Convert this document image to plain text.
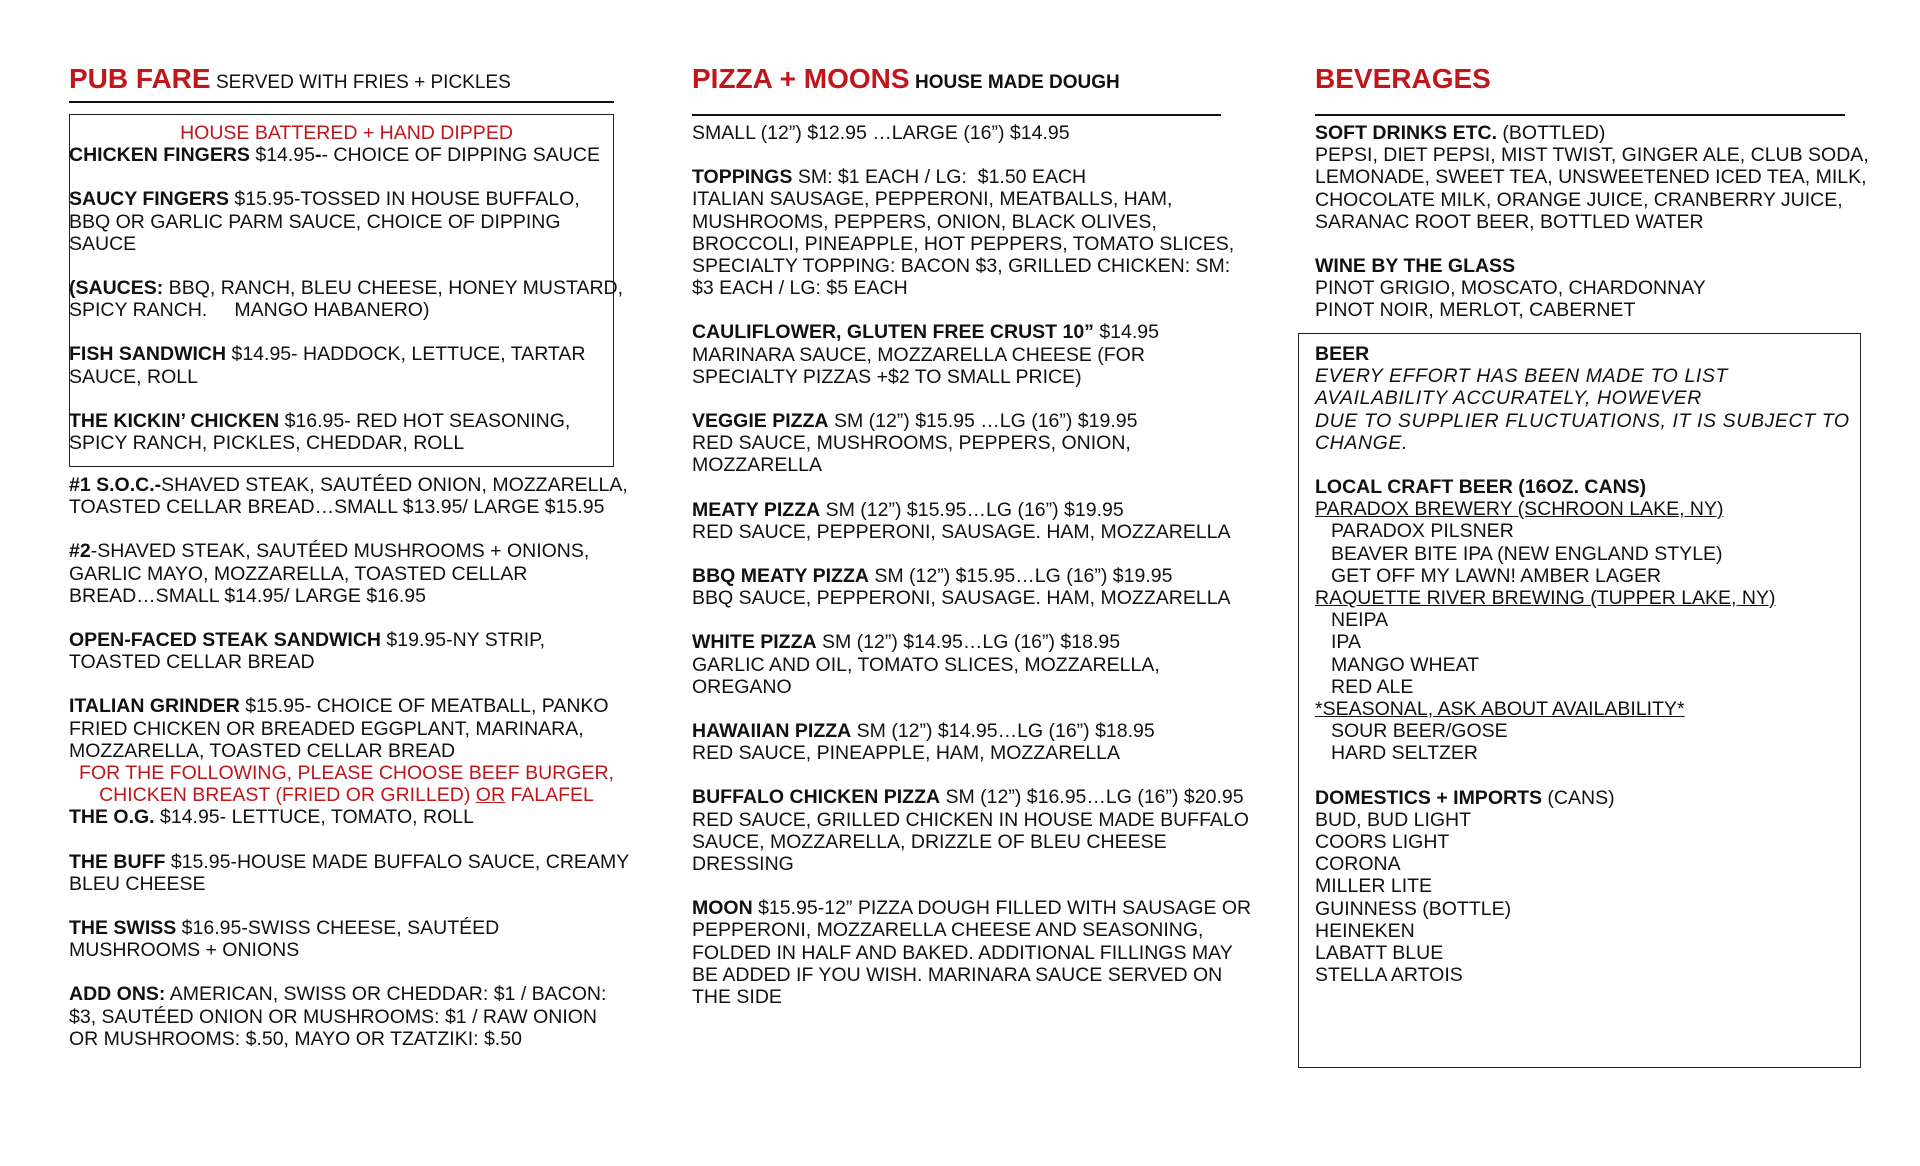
PUB FARE SERVED WITH FRIES + PICKLES

HOUSE BATTERED + HAND DIPPED

CHICKEN FINGERS $14.95-- CHOICE OF DIPPING SAUCE

SAUCY FINGERS $15.95-TOSSED IN HOUSE BUFFALO,

BBQ OR GARLIC PARM SAUCE, CHOICE OF DIPPING

SAUCE

(SAUCES: BBQ, RANCH, BLEU CHEESE, HONEY MUSTARD,

SPICY RANCH.     MANGO HABANERO)

FISH SANDWICH $14.95- HADDOCK, LETTUCE, TARTAR

SAUCE, ROLL

THE KICKIN’ CHICKEN $16.95- RED HOT SEASONING,

SPICY RANCH, PICKLES, CHEDDAR, ROLL

#1 S.O.C.-SHAVED STEAK, SAUTÉED ONION, MOZZARELLA,

TOASTED CELLAR BREAD…SMALL $13.95/ LARGE $15.95

#2-SHAVED STEAK, SAUTÉED MUSHROOMS + ONIONS,

GARLIC MAYO, MOZZARELLA, TOASTED CELLAR

BREAD…SMALL $14.95/ LARGE $16.95

OPEN-FACED STEAK SANDWICH $19.95-NY STRIP,

TOASTED CELLAR BREAD

ITALIAN GRINDER $15.95- CHOICE OF MEATBALL, PANKO

FRIED CHICKEN OR BREADED EGGPLANT, MARINARA,

MOZZARELLA, TOASTED CELLAR BREAD

FOR THE FOLLOWING, PLEASE CHOOSE BEEF BURGER,

CHICKEN BREAST (FRIED OR GRILLED) OR FALAFEL

THE O.G. $14.95- LETTUCE, TOMATO, ROLL

THE BUFF $15.95-HOUSE MADE BUFFALO SAUCE, CREAMY

BLEU CHEESE

THE SWISS $16.95-SWISS CHEESE, SAUTÉED

MUSHROOMS + ONIONS

ADD ONS: AMERICAN, SWISS OR CHEDDAR: $1 / BACON:

$3, SAUTÉED ONION OR MUSHROOMS: $1 / RAW ONION

OR MUSHROOMS: $.50, MAYO OR TZATZIKI: $.50

PIZZA + MOONS HOUSE MADE DOUGH

SMALL (12”) $12.95 …LARGE (16”) $14.95

TOPPINGS SM: $1 EACH / LG:  $1.50 EACH

ITALIAN SAUSAGE, PEPPERONI, MEATBALLS, HAM,

MUSHROOMS, PEPPERS, ONION, BLACK OLIVES,

BROCCOLI, PINEAPPLE, HOT PEPPERS, TOMATO SLICES,

SPECIALTY TOPPING: BACON $3, GRILLED CHICKEN: SM:

$3 EACH / LG: $5 EACH

CAULIFLOWER, GLUTEN FREE CRUST 10” $14.95

MARINARA SAUCE, MOZZARELLA CHEESE (FOR

SPECIALTY PIZZAS +$2 TO SMALL PRICE)

VEGGIE PIZZA SM (12”) $15.95 …LG (16”) $19.95

RED SAUCE, MUSHROOMS, PEPPERS, ONION,

MOZZARELLA

MEATY PIZZA SM (12”) $15.95…LG (16”) $19.95

RED SAUCE, PEPPERONI, SAUSAGE. HAM, MOZZARELLA

BBQ MEATY PIZZA SM (12”) $15.95…LG (16”) $19.95

BBQ SAUCE, PEPPERONI, SAUSAGE. HAM, MOZZARELLA

WHITE PIZZA SM (12”) $14.95…LG (16”) $18.95

GARLIC AND OIL, TOMATO SLICES, MOZZARELLA,

OREGANO

HAWAIIAN PIZZA SM (12”) $14.95…LG (16”) $18.95

RED SAUCE, PINEAPPLE, HAM, MOZZARELLA

BUFFALO CHICKEN PIZZA SM (12”) $16.95…LG (16”) $20.95

RED SAUCE, GRILLED CHICKEN IN HOUSE MADE BUFFALO

SAUCE, MOZZARELLA, DRIZZLE OF BLEU CHEESE

DRESSING

MOON $15.95-12” PIZZA DOUGH FILLED WITH SAUSAGE OR

PEPPERONI, MOZZARELLA CHEESE AND SEASONING,

FOLDED IN HALF AND BAKED. ADDITIONAL FILLINGS MAY

BE ADDED IF YOU WISH. MARINARA SAUCE SERVED ON

THE SIDE

BEVERAGES

SOFT DRINKS ETC. (BOTTLED)

PEPSI, DIET PEPSI, MIST TWIST, GINGER ALE, CLUB SODA,

LEMONADE, SWEET TEA, UNSWEETENED ICED TEA, MILK,

CHOCOLATE MILK, ORANGE JUICE, CRANBERRY JUICE,

SARANAC ROOT BEER, BOTTLED WATER

WINE BY THE GLASS

PINOT GRIGIO, MOSCATO, CHARDONNAY

PINOT NOIR, MERLOT, CABERNET

BEER

EVERY EFFORT HAS BEEN MADE TO LIST

AVAILABILITY ACCURATELY, HOWEVER

DUE TO SUPPLIER FLUCTUATIONS, IT IS SUBJECT TO

CHANGE.

LOCAL CRAFT BEER (16OZ. CANS)

PARADOX BREWERY (SCHROON LAKE, NY)

PARADOX PILSNER

BEAVER BITE IPA (NEW ENGLAND STYLE)

GET OFF MY LAWN! AMBER LAGER

RAQUETTE RIVER BREWING (TUPPER LAKE, NY)

NEIPA

IPA

MANGO WHEAT

RED ALE

*SEASONAL, ASK ABOUT AVAILABILITY*

SOUR BEER/GOSE

HARD SELTZER

DOMESTICS + IMPORTS (CANS)

BUD, BUD LIGHT

COORS LIGHT

CORONA

MILLER LITE

GUINNESS (BOTTLE)

HEINEKEN

LABATT BLUE

STELLA ARTOIS
